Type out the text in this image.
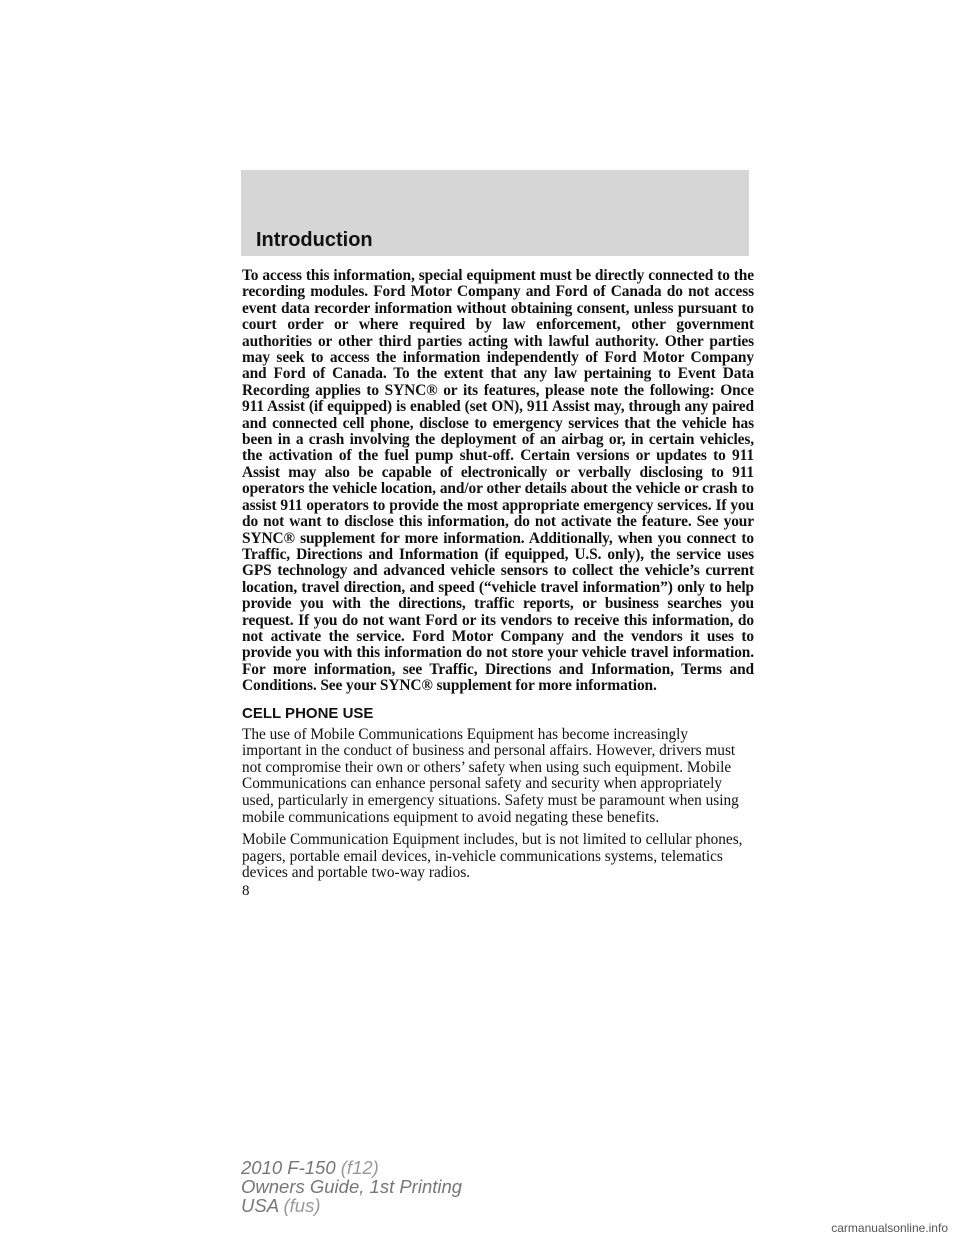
Introduction

To access this information, special equipment must be directly connected to the recording modules. Ford Motor Company and Ford of Canada do not access event data recorder information without obtaining consent, unless pursuant to court order or where required by law enforcement, other government authorities or other third parties acting with lawful authority. Other parties may seek to access the information independently of Ford Motor Company and Ford of Canada. To the extent that any law pertaining to Event Data Recording applies to SYNC® or its features, please note the following: Once 911 Assist (if equipped) is enabled (set ON), 911 Assist may, through any paired and connected cell phone, disclose to emergency services that the vehicle has been in a crash involving the deployment of an airbag or, in certain vehicles, the activation of the fuel pump shut-off. Certain versions or updates to 911 Assist may also be capable of electronically or verbally disclosing to 911 operators the vehicle location, and/or other details about the vehicle or crash to assist 911 operators to provide the most appropriate emergency services. If you do not want to disclose this information, do not activate the feature. See your SYNC® supplement for more information. Additionally, when you connect to Traffic, Directions and Information (if equipped, U.S. only), the service uses GPS technology and advanced vehicle sensors to collect the vehicle’s current location, travel direction, and speed (“vehicle travel information”) only to help provide you with the directions, traffic reports, or business searches you request. If you do not want Ford or its vendors to receive this information, do not activate the service. Ford Motor Company and the vendors it uses to provide you with this information do not store your vehicle travel information. For more information, see Traffic, Directions and Information, Terms and Conditions. See your SYNC® supplement for more information.

CELL PHONE USE

The use of Mobile Communications Equipment has become increasingly important in the conduct of business and personal affairs. However, drivers must not compromise their own or others’ safety when using such equipment. Mobile Communications can enhance personal safety and security when appropriately used, particularly in emergency situations. Safety must be paramount when using mobile communications equipment to avoid negating these benefits.

Mobile Communication Equipment includes, but is not limited to cellular phones, pagers, portable email devices, in-vehicle communications systems, telematics devices and portable two-way radios.

8

2010 F-150 (f12)
Owners Guide, 1st Printing
USA (fus)
carmanualsonline.info
